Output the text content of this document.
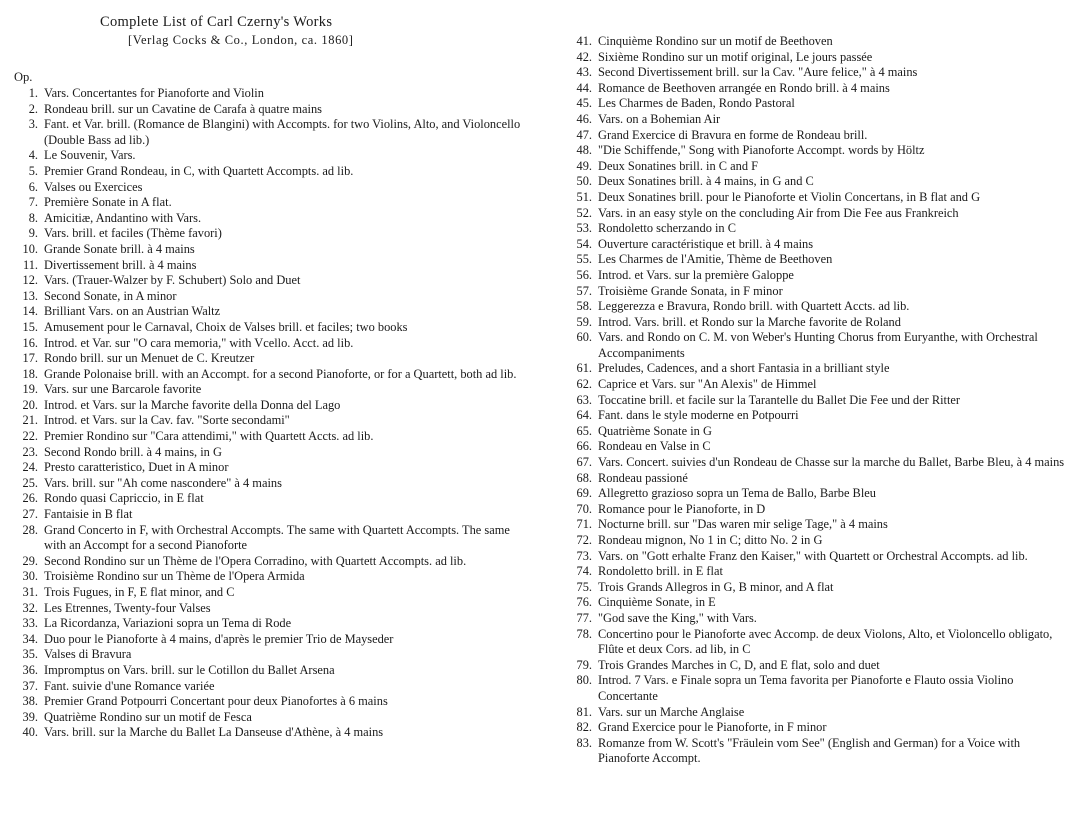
Complete List of Carl Czerny's Works
[Verlag Cocks & Co., London, ca. 1860]
Op.
1. Vars. Concertantes for Pianoforte and Violin
2. Rondeau brill. sur un Cavatine de Carafa à quatre mains
3. Fant. et Var. brill. (Romance de Blangini) with Accompts. for two Violins, Alto, and Violoncello (Double Bass ad lib.)
4. Le Souvenir, Vars.
5. Premier Grand Rondeau, in C, with Quartett Accompts. ad lib.
6. Valses ou Exercices
7. Première Sonate in A flat.
8. Amicitiæ, Andantino with Vars.
9. Vars. brill. et faciles (Thème favori)
10. Grande Sonate brill. à 4 mains
11. Divertissement brill. à 4 mains
12. Vars. (Trauer-Walzer by F. Schubert) Solo and Duet
13. Second Sonate, in A minor
14. Brilliant Vars. on an Austrian Waltz
15. Amusement pour le Carnaval, Choix de Valses brill. et faciles; two books
16. Introd. et Var. sur "O cara memoria," with Vcello. Acct. ad lib.
17. Rondo brill. sur un Menuet de C. Kreutzer
18. Grande Polonaise brill. with an Accompt. for a second Pianoforte, or for a Quartett, both ad lib.
19. Vars. sur une Barcarole favorite
20. Introd. et Vars. sur la Marche favorite della Donna del Lago
21. Introd. et Vars. sur la Cav. fav. "Sorte secondami"
22. Premier Rondino sur "Cara attendimi," with Quartett Accts. ad lib.
23. Second Rondo brill. à 4 mains, in G
24. Presto caratteristico, Duet in A minor
25. Vars. brill. sur "Ah come nascondere" à 4 mains
26. Rondo quasi Capriccio, in E flat
27. Fantaisie in B flat
28. Grand Concerto in F, with Orchestral Accompts. The same with Quartett Accompts. The same with an Accompt for a second Pianoforte
29. Second Rondino sur un Thème de l'Opera Corradino, with Quartett Accompts. ad lib.
30. Troisième Rondino sur un Thème de l'Opera Armida
31. Trois Fugues, in F, E flat minor, and C
32. Les Etrennes, Twenty-four Valses
33. La Ricordanza, Variazioni sopra un Tema di Rode
34. Duo pour le Pianoforte à 4 mains, d'après le premier Trio de Mayseder
35. Valses di Bravura
36. Impromptus on Vars. brill. sur le Cotillon du Ballet Arsena
37. Fant. suivie d'une Romance variée
38. Premier Grand Potpourri Concertant pour deux Pianofortes à 6 mains
39. Quatrième Rondino sur un motif de Fesca
40. Vars. brill. sur la Marche du Ballet La Danseuse d'Athène, à 4 mains
41. Cinquième Rondino sur un motif de Beethoven
42. Sixième Rondino sur un motif original, Le jours passée
43. Second Divertissement brill. sur la Cav. "Aure felice," à 4 mains
44. Romance de Beethoven arrangée en Rondo brill. à 4 mains
45. Les Charmes de Baden, Rondo Pastoral
46. Vars. on a Bohemian Air
47. Grand Exercice di Bravura en forme de Rondeau brill.
48. "Die Schiffende," Song with Pianoforte Accompt. words by Höltz
49. Deux Sonatines brill. in C and F
50. Deux Sonatines brill. à 4 mains, in G and C
51. Deux Sonatines brill. pour le Pianoforte et Violin Concertans, in B flat and G
52. Vars. in an easy style on the concluding Air from Die Fee aus Frankreich
53. Rondoletto scherzando in C
54. Ouverture caractéristique et brill. à 4 mains
55. Les Charmes de l'Amitie, Thème de Beethoven
56. Introd. et Vars. sur la première Galoppe
57. Troisième Grande Sonata, in F minor
58. Leggerezza e Bravura, Rondo brill. with Quartett Accts. ad lib.
59. Introd. Vars. brill. et Rondo sur la Marche favorite de Roland
60. Vars. and Rondo on C. M. von Weber's Hunting Chorus from Euryanthe, with Orchestral Accompaniments
61. Preludes, Cadences, and a short Fantasia in a brilliant style
62. Caprice et Vars. sur "An Alexis" de Himmel
63. Toccatine brill. et facile sur la Tarantelle du Ballet Die Fee und der Ritter
64. Fant. dans le style moderne en Potpourri
65. Quatrième Sonate in G
66. Rondeau en Valse in C
67. Vars. Concert. suivies d'un Rondeau de Chasse sur la marche du Ballet, Barbe Bleu, à 4 mains
68. Rondeau passioné
69. Allegretto grazioso sopra un Tema de Ballo, Barbe Bleu
70. Romance pour le Pianoforte, in D
71. Nocturne brill. sur "Das waren mir selige Tage," à 4 mains
72. Rondeau mignon, No 1 in C; ditto No. 2 in G
73. Vars. on "Gott erhalte Franz den Kaiser," with Quartett or Orchestral Accompts. ad lib.
74. Rondoletto brill. in E flat
75. Trois Grands Allegros in G, B minor, and A flat
76. Cinquième Sonate, in E
77. "God save the King," with Vars.
78. Concertino pour le Pianoforte avec Accomp. de deux Violons, Alto, et Violoncello obligato, Flûte et deux Cors. ad lib, in C
79. Trois Grandes Marches in C, D, and E flat, solo and duet
80. Introd. 7 Vars. e Finale sopra un Tema favorita per Pianoforte e Flauto ossia Violino Concertante
81. Vars. sur un Marche Anglaise
82. Grand Exercice pour le Pianoforte, in F minor
83. Romanze from W. Scott's "Fräulein vom See" (English and German) for a Voice with Pianoforte Accompt.
